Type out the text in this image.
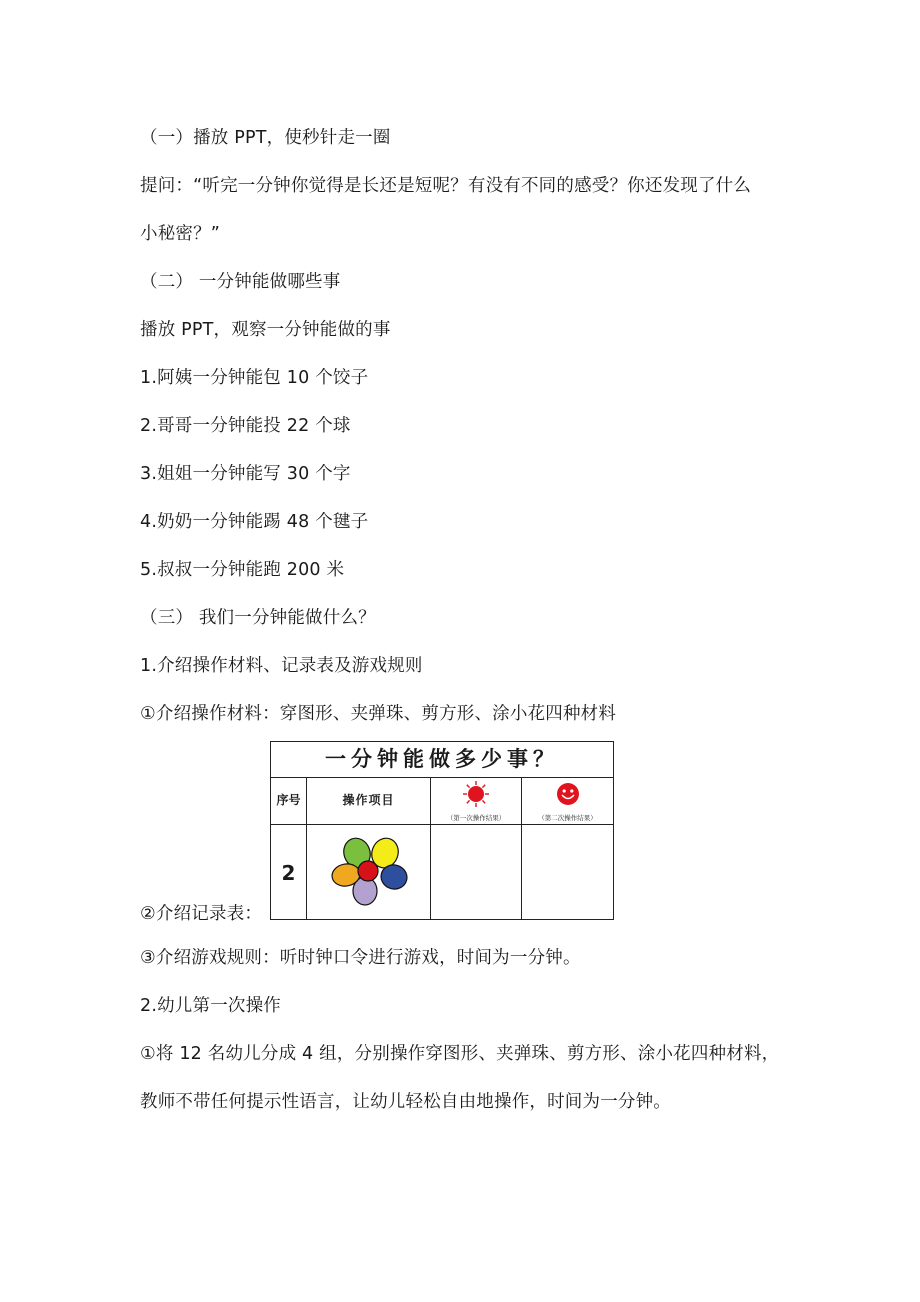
（一）播放 PPT，使秒针走一圈
提问：“听完一分钟你觉得是长还是短呢？有没有不同的感受？你还发现了什么
小秘密？”
（二） 一分钟能做哪些事
播放 PPT，观察一分钟能做的事
1.阿姨一分钟能包 10 个饺子
2.哥哥一分钟能投 22 个球
3.姐姐一分钟能写 30 个字
4.奶奶一分钟能踢 48 个毽子
5.叔叔一分钟能跑 200 米
（三） 我们一分钟能做什么？
1.介绍操作材料、记录表及游戏规则
①介绍操作材料：穿图形、夹弹珠、剪方形、涂小花四种材料
一分钟能做多少事？
序号	操作项目
（第一次操作结果）	（第二次操作结果）
2
②介绍记录表：
③介绍游戏规则：听时钟口令进行游戏，时间为一分钟。
2.幼儿第一次操作
①将 12 名幼儿分成 4 组，分别操作穿图形、夹弹珠、剪方形、涂小花四种材料，
教师不带任何提示性语言，让幼儿轻松自由地操作，时间为一分钟。
